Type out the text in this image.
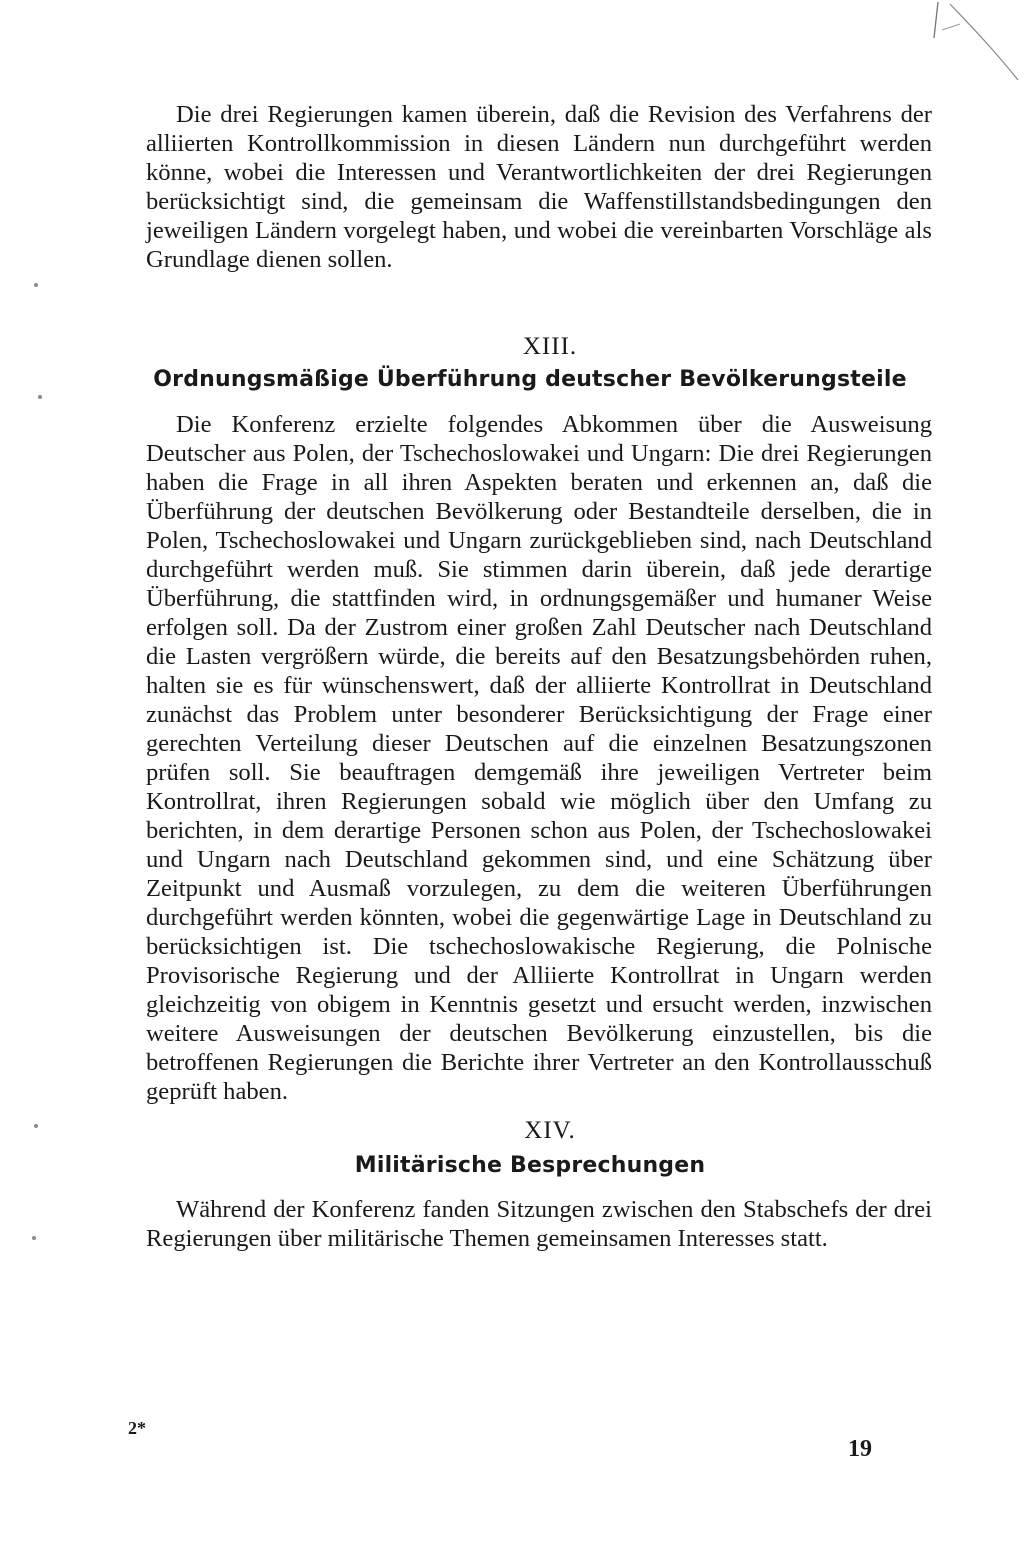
Die drei Regierungen kamen überein, daß die Revision des Verfahrens der alliierten Kontrollkommission in diesen Ländern nun durchgeführt werden könne, wobei die Interessen und Verantwortlichkeiten der drei Regierungen berücksichtigt sind, die gemeinsam die Waffenstillstandsbedingungen den jeweiligen Ländern vorgelegt haben, und wobei die vereinbarten Vorschläge als Grundlage dienen sollen.

XIII.
Ordnungsmäßige Überführung deutscher Bevölkerungsteile

Die Konferenz erzielte folgendes Abkommen über die Ausweisung Deutscher aus Polen, der Tschechoslowakei und Ungarn: Die drei Regierungen haben die Frage in all ihren Aspekten beraten und erkennen an, daß die Überführung der deutschen Bevölkerung oder Bestandteile derselben, die in Polen, Tschechoslowakei und Ungarn zurückgeblieben sind, nach Deutschland durchgeführt werden muß. Sie stimmen darin überein, daß jede derartige Überführung, die stattfinden wird, in ordnungsgemäßer und humaner Weise erfolgen soll. Da der Zustrom einer großen Zahl Deutscher nach Deutschland die Lasten vergrößern würde, die bereits auf den Besatzungsbehörden ruhen, halten sie es für wünschenswert, daß der alliierte Kontrollrat in Deutschland zunächst das Problem unter besonderer Berücksichtigung der Frage einer gerechten Verteilung dieser Deutschen auf die einzelnen Besatzungszonen prüfen soll. Sie beauftragen demgemäß ihre jeweiligen Vertreter beim Kontrollrat, ihren Regierungen sobald wie möglich über den Umfang zu berichten, in dem derartige Personen schon aus Polen, der Tschechoslowakei und Ungarn nach Deutschland gekommen sind, und eine Schätzung über Zeitpunkt und Ausmaß vorzulegen, zu dem die weiteren Überführungen durchgeführt werden könnten, wobei die gegenwärtige Lage in Deutschland zu berücksichtigen ist. Die tschechoslowakische Regierung, die Polnische Provisorische Regierung und der Alliierte Kontrollrat in Ungarn werden gleichzeitig von obigem in Kenntnis gesetzt und ersucht werden, inzwischen weitere Ausweisungen der deutschen Bevölkerung einzustellen, bis die betroffenen Regierungen die Berichte ihrer Vertreter an den Kontrollausschuß geprüft haben.

XIV.
Militärische Besprechungen

Während der Konferenz fanden Sitzungen zwischen den Stabschefs der drei Regierungen über militärische Themen gemeinsamen Interesses statt.

2*
19
